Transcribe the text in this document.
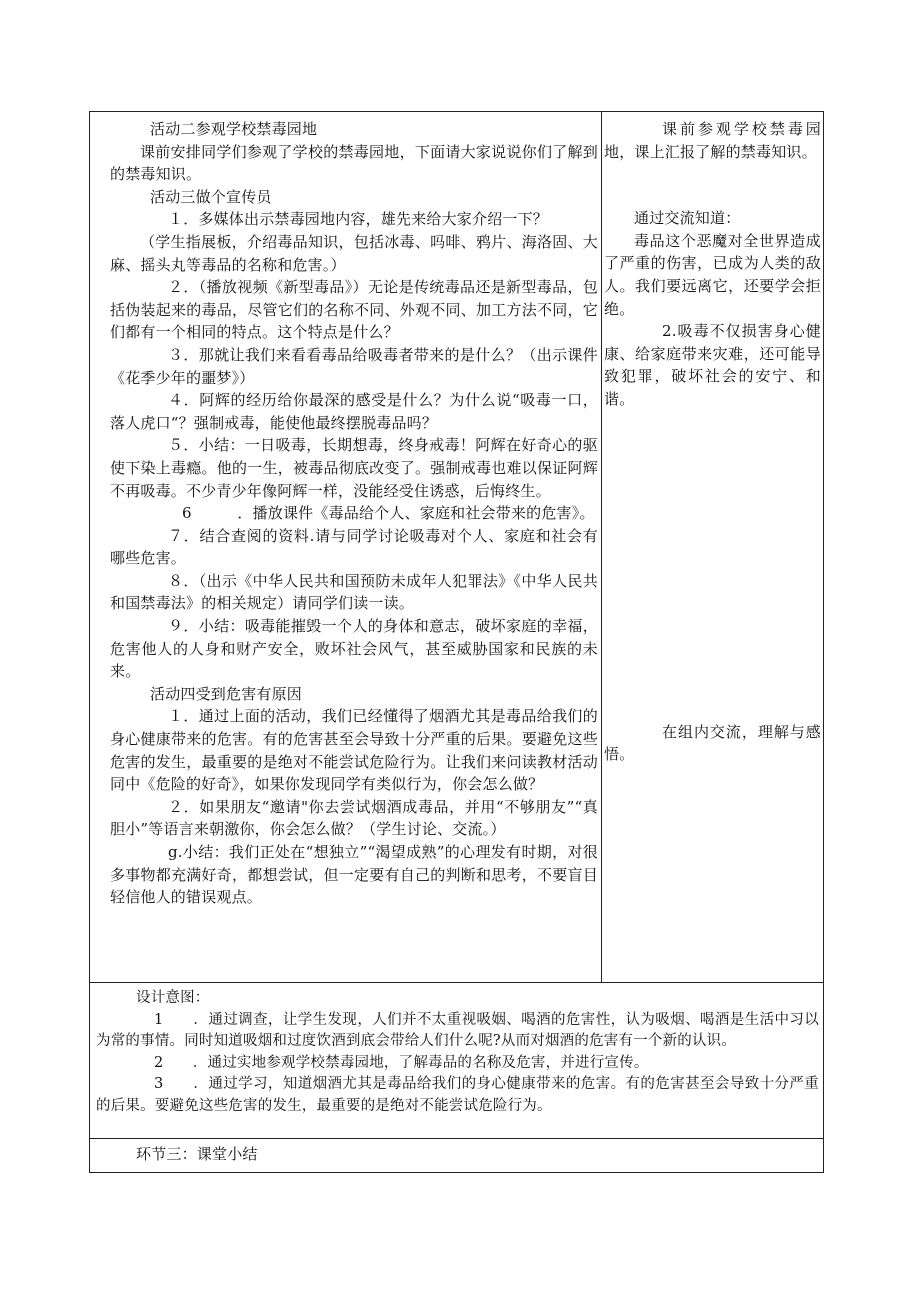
活动二参观学校禁毒园地

课前安排同学们参观了学校的禁毒园地，下面请大家说说你们了解到的禁毒知识。

活动三做个宣传员

１．多媒体出示禁毒园地内容，雄先来给大家介绍一下？

（学生指展板，介绍毒品知识，包括冰毒、吗啡、鸦片、海洛固、大麻、摇头丸等毒品的名称和危害。）

２．（播放视频《新型毒品》）无论是传统毒品还是新型毒品，包括伪装起来的毒品，尽管它们的名称不同、外观不同、加工方法不同，它们都有一个相同的特点。这个特点是什么？

３．那就让我们来看看毒品给吸毒者带来的是什么？（出示课件《花季少年的噩梦》）

４．阿辉的经历给你最深的感受是什么？为什么说“吸毒一口，落人虎口“？强制戒毒，能使他最终摆脱毒品吗？

５．小结：一日吸毒，长期想毒，终身戒毒！阿辉在好奇心的驱使下染上毒瘾。他的一生，被毒品彻底改变了。强制戒毒也难以保证阿辉不再吸毒。不少青少年像阿辉一样，没能经受住诱惑，后悔终生。

6　　　．播放课件《毒品给个人、家庭和社会带来的危害》。

７．结合查阅的资料.请与同学讨论吸毒对个人、家庭和社会有哪些危害。

８．（出示《中华人民共和国预防未成年人犯罪法》《中华人民共和国禁毒法》的相关规定）请同学们读一读。

９．小结：吸毒能摧毁一个人的身体和意志，破坏家庭的幸福，危害他人的人身和财产安全，败坏社会风气，甚至威胁国家和民族的未来。

活动四受到危害有原因

１．通过上面的活动，我们已经懂得了烟酒尤其是毒品给我们的身心健康带来的危害。有的危害甚至会导致十分严重的后果。要避免这些危害的发生，最重要的是绝对不能尝试危险行为。让我们来问读教材活动同中《危险的好奇》，如果你发现同学有类似行为，你会怎么做？

２．如果朋友“邀请"你去尝试烟酒成毒品，并用“不够朋友”“真胆小”等语言来朝激你，你会怎么做？（学生讨论、交流。）

g.小结：我们正处在“想独立”“渴望成熟”的心理发有时期，对很多事物都充满好奇，都想尝试，但一定要有自己的判断和思考，不要盲目轻信他人的错误观点。

课前参观学校禁毒园地，课上汇报了解的禁毒知识。

通过交流知道：

毒品这个恶魔对全世界造成了严重的伤害，已成为人类的敌人。我们要远离它，还要学会拒绝。

2.吸毒不仅损害身心健康、给家庭带来灾难，还可能导致犯罪，破坏社会的安宁、和谐。

在组内交流，理解与感悟。

设计意图：

1　　．通过调查，让学生发现，人们并不太重视吸姻、喝酒的危害性，认为吸烟、喝酒是生活中习以为常的事情。同时知道吸烟和过度饮酒到底会带给人们什么呢?从而对烟酒的危害有一个新的认识。

2　　．通过实地参观学校禁毒园地，了解毒品的名称及危害，并进行宣传。

3　　．通过学习，知道烟酒尤其是毒品给我们的身心健康带来的危害。有的危害甚至会导致十分严重的后果。要避免这些危害的发生，最重要的是绝对不能尝试危险行为。

环节三：课堂小结
